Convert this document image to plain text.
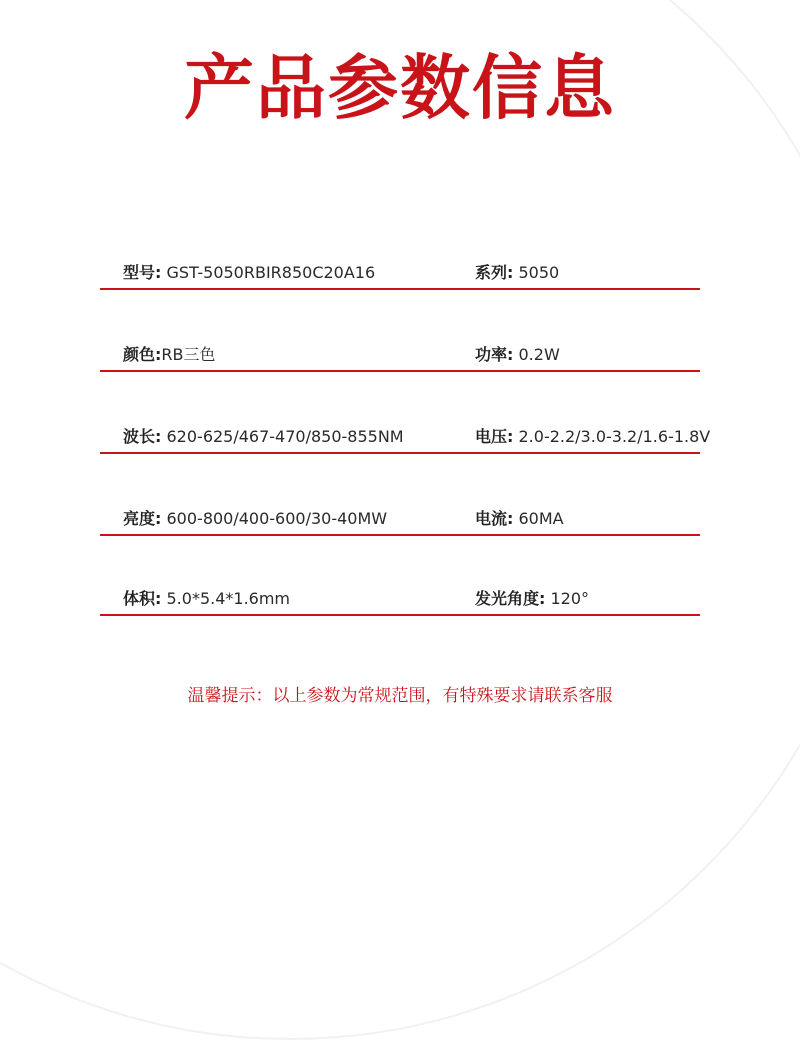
产品参数信息
型号: GST-5050RBIR850C20A16	系列: 5050
颜色:RB三色	功率: 0.2W
波长: 620-625/467-470/850-855NM	电压: 2.0-2.2/3.0-3.2/1.6-1.8V
亮度: 600-800/400-600/30-40MW	电流: 60MA
体积: 5.0*5.4*1.6mm	发光角度: 120°
温馨提示：以上参数为常规范围，有特殊要求请联系客服
